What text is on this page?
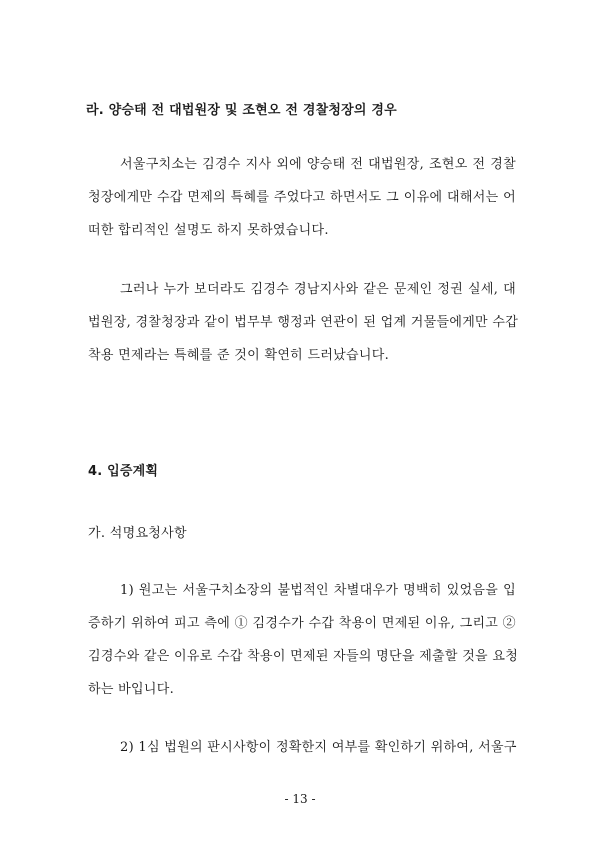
라. 양승태 전 대법원장 및 조현오 전 경찰청장의 경우
서울구치소는 김경수 지사 외에 양승태 전 대법원장, 조현오 전 경찰
청장에게만 수갑 면제의 특혜를 주었다고 하면서도 그 이유에 대해서는 어
떠한 합리적인 설명도 하지 못하였습니다.
그러나 누가 보더라도 김경수 경남지사와 같은 문제인 정권 실세, 대
법원장, 경찰청장과 같이 법무부 행정과 연관이 된 업계 거물들에게만 수갑
착용 면제라는 특혜를 준 것이 확연히 드러났습니다.
4. 입증계획
가. 석명요청사항
1) 원고는 서울구치소장의 불법적인 차별대우가 명백히 있었음을 입
증하기 위하여 피고 측에 ① 김경수가 수갑 착용이 면제된 이유, 그리고 ②
김경수와 같은 이유로 수갑 착용이 면제된 자들의 명단을 제출할 것을 요청
하는 바입니다.
2) 1심 법원의 판시사항이 정확한지 여부를 확인하기 위하여, 서울구
- 13 -
